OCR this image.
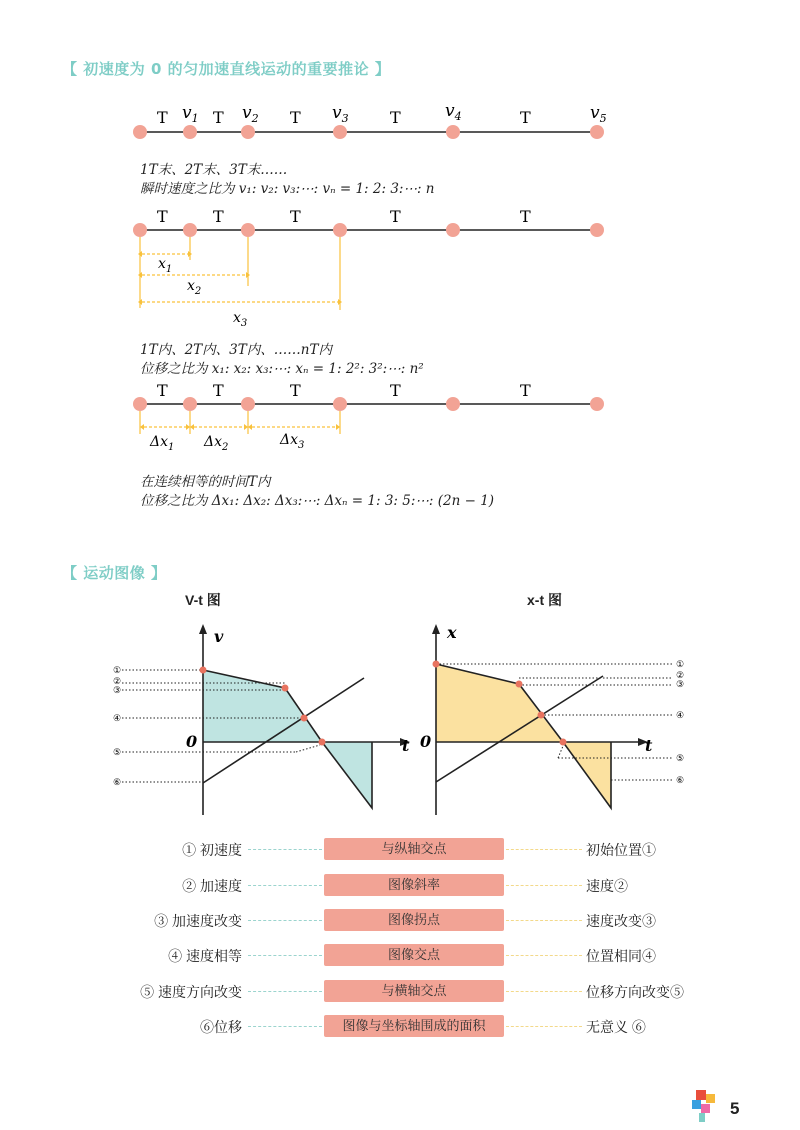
【 初速度为 0 的匀加速直线运动的重要推论 】
T	T	T	T	T
$v_1$	$v_2$	$v_3$	$v_4$	$v_5$
1T末、2T末、3T末……
瞬时速度之比为 v₁: v₂: v₃:⋯: vₙ = 1: 2: 3:⋯: n
T	T	T	T	T
$x_1$
$x_2$
$x_3$
1T内、2T内、3T内、……nT内
位移之比为 x₁: x₂: x₃:⋯: xₙ = 1: 2²: 3²:⋯: n²
T	T	T	T	T
$\Delta x_1$ $\Delta x_2$	$\Delta x_3$
在连续相等的时间T内
位移之比为 Δx₁: Δx₂: Δx₃:⋯: Δxₙ = 1: 3: 5:⋯: (2n − 1)
【 运动图像 】
V-t 图	x-t 图
v
t
0
①
②
③
④
⑤
⑥
x
t
0
①
②
③
④
⑤
⑥
① 初速度	与纵轴交点	初始位置①
② 加速度	图像斜率	速度②
③ 加速度改变	图像拐点	速度改变③
④ 速度相等	图像交点	位置相同④
⑤ 速度方向改变	与横轴交点	位移方向改变⑤
⑥位移	图像与坐标轴围成的面积	无意义 ⑥
5
